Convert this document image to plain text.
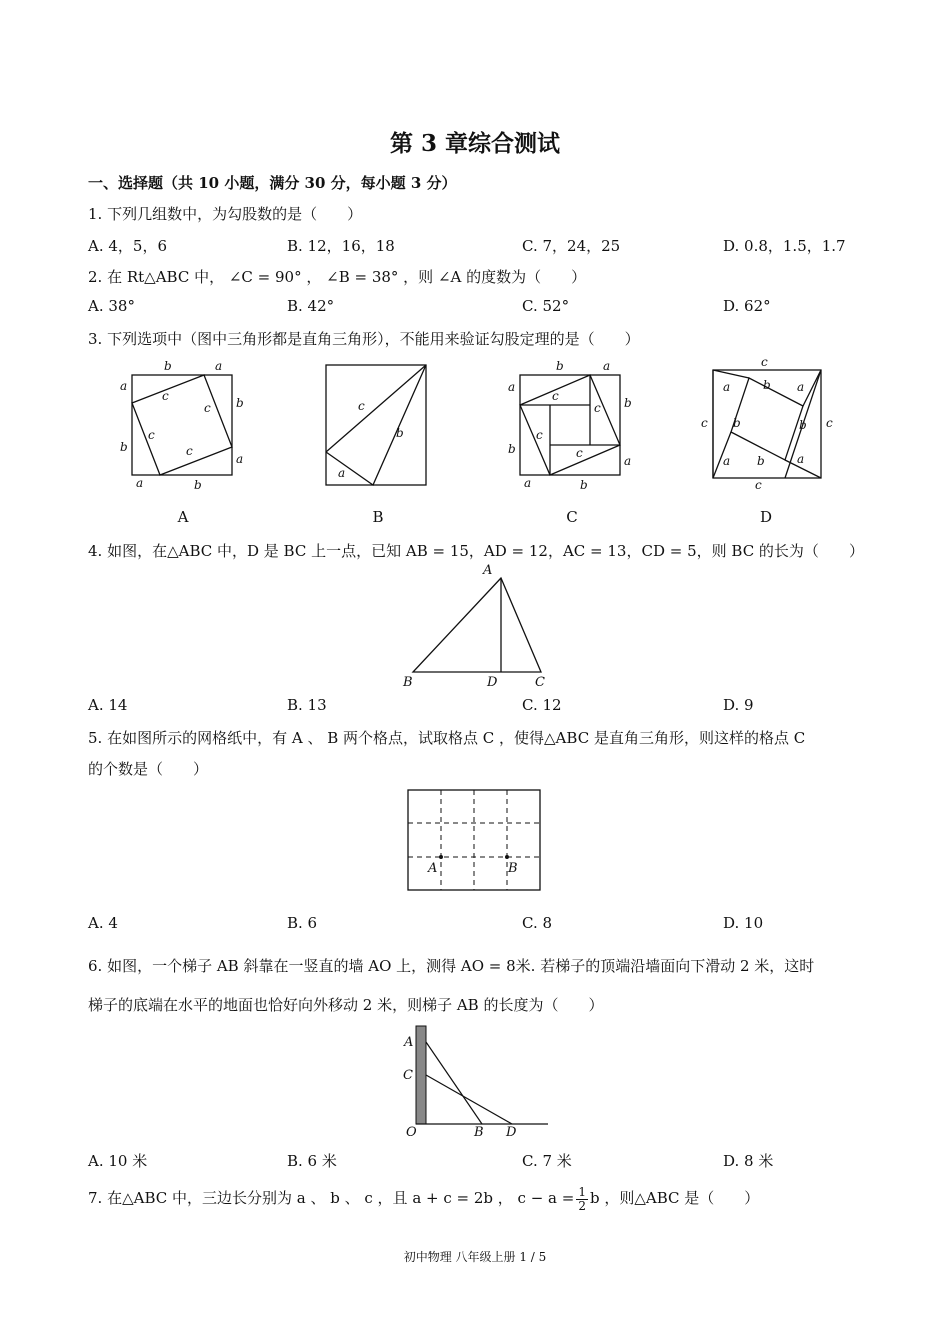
第 3 章综合测试
一、选择题（共 10 小题，满分 30 分，每小题 3 分）
1. 下列几组数中，为勾股数的是（　　）
A. 4，5，6	B. 12，16，18	C. 7，24，25	D. 0.8，1.5，1.7
2. 在 Rt△ABC 中， ∠C = 90° ， ∠B = 38° ，则 ∠A 的度数为（　　）
A. 38°	B. 42°	C. 52°	D. 62°
3. 下列选项中（图中三角形都是直角三角形），不能用来验证勾股定理的是（　　）
b	a
a
b
b
a
a	b
c
c
c
c
c
b
a
b	a
a
b
b
a
a	b
c
c
c
c
c
a	b a
c	c
b	b
a b	a
c
A	B	C	D
4. 如图，在△ABC 中，D 是 BC 上一点，已知 AB = 15，AD = 12，AC = 13，CD = 5，则 BC 的长为（　　）
A
B	D	C
A. 14	B. 13	C. 12	D. 9
5. 在如图所示的网格纸中，有 A 、 B 两个格点，试取格点 C ，使得△ABC 是直角三角形，则这样的格点 C
的个数是（　　）
A	B
A. 4	B. 6	C. 8	D. 10
6. 如图，一个梯子 AB 斜靠在一竖直的墙 AO 上，测得 AO = 8米. 若梯子的顶端沿墙面向下滑动 2 米，这时
梯子的底端在水平的地面也恰好向外移动 2 米，则梯子 AB 的长度为（　　）
A
C
O	B D
A. 10 米	B. 6 米	C. 7 米	D. 8 米
7. 在△ABC 中，三边长分别为 a 、 b 、 c ，且 a + c = 2b ， $c - a = \frac{1}{2}$ b ，则△ABC 是（　　）
初中物理 八年级上册 1 / 5
